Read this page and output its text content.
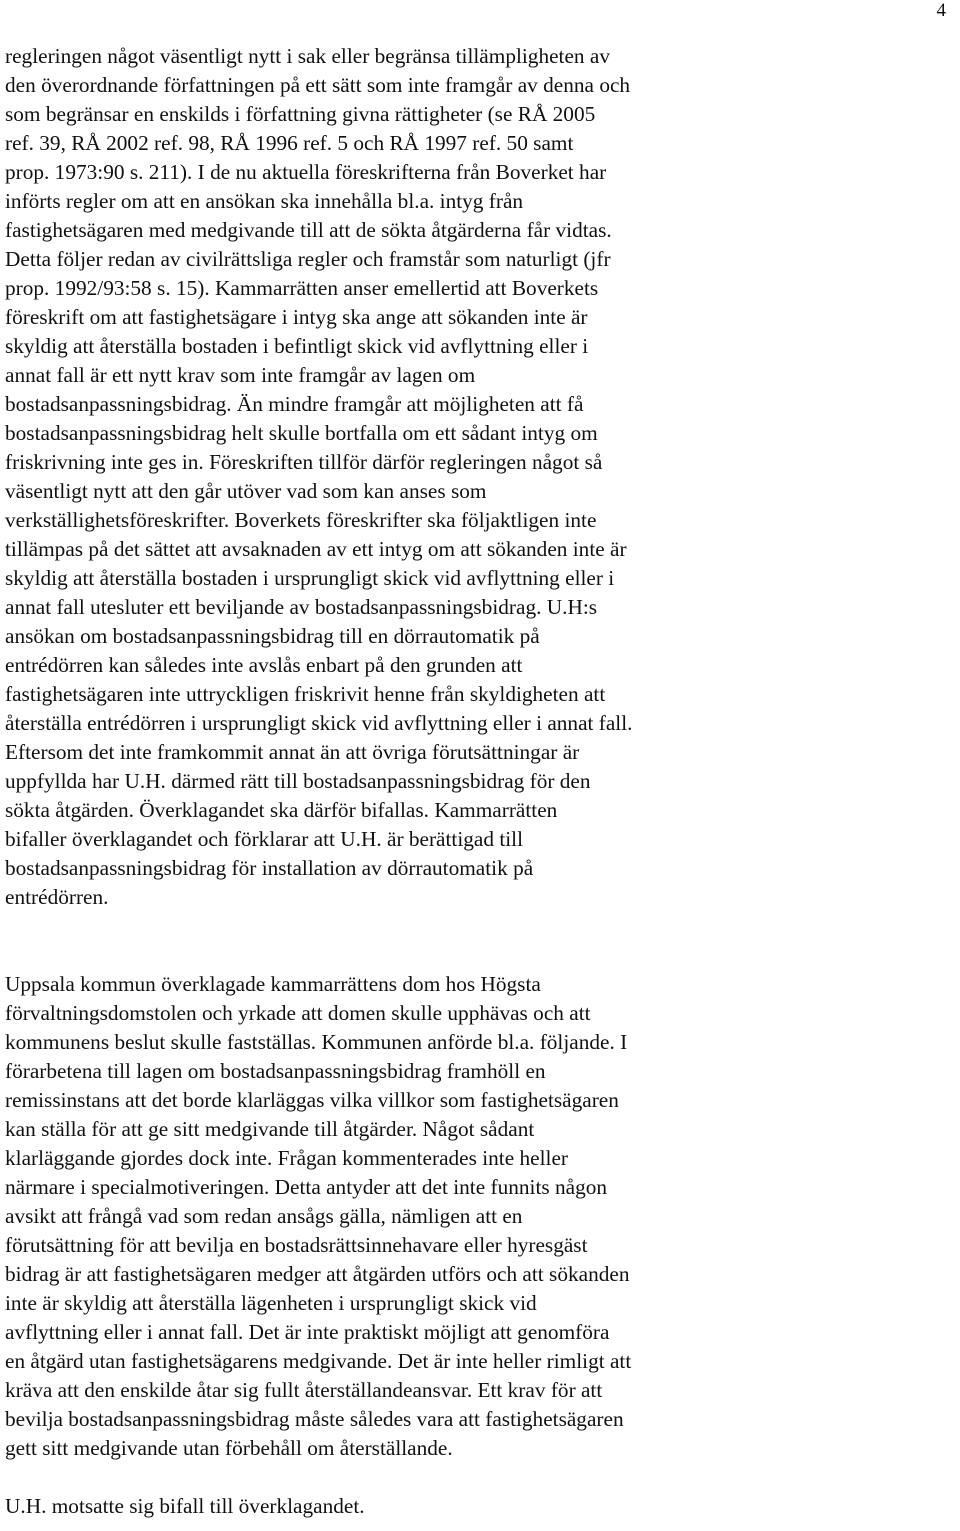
4
regleringen något väsentligt nytt i sak eller begränsa tillämpligheten av
den överordnande författningen på ett sätt som inte framgår av denna och
som begränsar en enskilds i författning givna rättigheter (se RÅ 2005
ref. 39, RÅ 2002 ref. 98, RÅ 1996 ref. 5 och RÅ 1997 ref. 50 samt
prop. 1973:90 s. 211). I de nu aktuella föreskrifterna från Boverket har
införts regler om att en ansökan ska innehålla bl.a. intyg från
fastighetsägaren med medgivande till att de sökta åtgärderna får vidtas.
Detta följer redan av civilrättsliga regler och framstår som naturligt (jfr
prop. 1992/93:58 s. 15). Kammarrätten anser emellertid att Boverkets
föreskrift om att fastighetsägare i intyg ska ange att sökanden inte är
skyldig att återställa bostaden i befintligt skick vid avflyttning eller i
annat fall är ett nytt krav som inte framgår av lagen om
bostadsanpassningsbidrag. Än mindre framgår att möjligheten att få
bostadsanpassningsbidrag helt skulle bortfalla om ett sådant intyg om
friskrivning inte ges in. Föreskriften tillför därför regleringen något så
väsentligt nytt att den går utöver vad som kan anses som
verkställighetsföreskrifter. Boverkets föreskrifter ska följaktligen inte
tillämpas på det sättet att avsaknaden av ett intyg om att sökanden inte är
skyldig att återställa bostaden i ursprungligt skick vid avflyttning eller i
annat fall utesluter ett beviljande av bostadsanpassningsbidrag. U.H:s
ansökan om bostadsanpassningsbidrag till en dörrautomatik på
entrédörren kan således inte avslås enbart på den grunden att
fastighetsägaren inte uttryckligen friskrivit henne från skyldigheten att
återställa entrédörren i ursprungligt skick vid avflyttning eller i annat fall.
Eftersom det inte framkommit annat än att övriga förutsättningar är
uppfyllda har U.H. därmed rätt till bostadsanpassningsbidrag för den
sökta åtgärden. Överklagandet ska därför bifallas. Kammarrätten
bifaller överklagandet och förklarar att U.H. är berättigad till
bostadsanpassningsbidrag för installation av dörrautomatik på
entrédörren.
Uppsala kommun överklagade kammarrättens dom hos Högsta
förvaltningsdomstolen och yrkade att domen skulle upphävas och att
kommunens beslut skulle fastställas. Kommunen anförde bl.a. följande. I
förarbetena till lagen om bostadsanpassningsbidrag framhöll en
remissinstans att det borde klarläggas vilka villkor som fastighetsägaren
kan ställa för att ge sitt medgivande till åtgärder. Något sådant
klarläggande gjordes dock inte. Frågan kommenterades inte heller
närmare i specialmotiveringen. Detta antyder att det inte funnits någon
avsikt att frångå vad som redan ansågs gälla, nämligen att en
förutsättning för att bevilja en bostadsrättsinnehavare eller hyresgäst
bidrag är att fastighetsägaren medger att åtgärden utförs och att sökanden
inte är skyldig att återställa lägenheten i ursprungligt skick vid
avflyttning eller i annat fall. Det är inte praktiskt möjligt att genomföra
en åtgärd utan fastighetsägarens medgivande. Det är inte heller rimligt att
kräva att den enskilde åtar sig fullt återställandeansvar. Ett krav för att
bevilja bostadsanpassningsbidrag måste således vara att fastighetsägaren
gett sitt medgivande utan förbehåll om återställande.
U.H. motsatte sig bifall till överklagandet.
